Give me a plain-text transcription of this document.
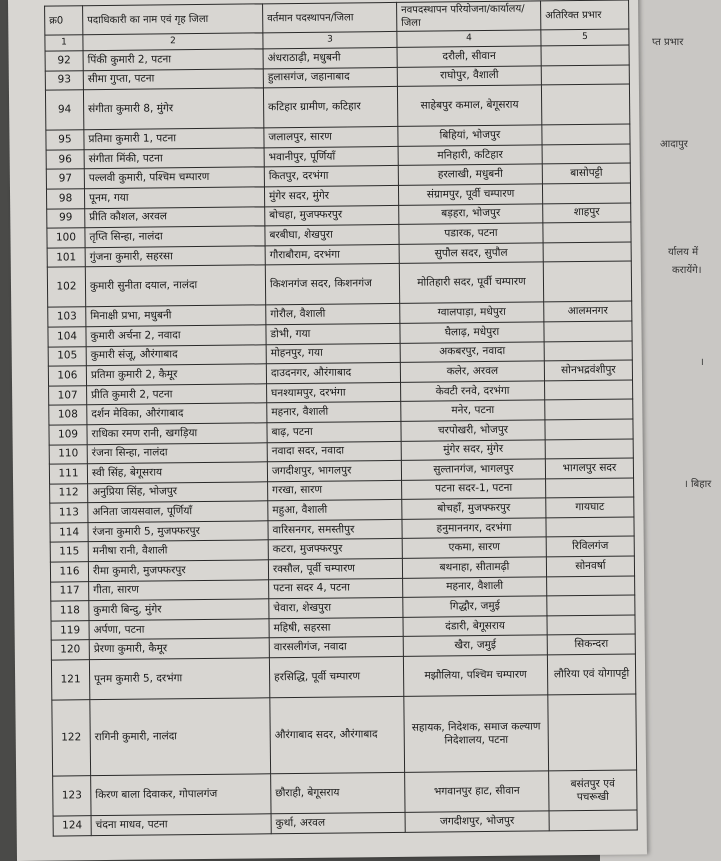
प्त प्रभार
आदापुर
र्यालय में
करायेंगे।
।
। बिहार
क्र0	पदाधिकारी का नाम एवं गृह जिला	वर्तमान पदस्थापन/जिला	नवपदस्थापन परियोजना/कार्यालय/जिला	अतिरिक्त प्रभार
1	2	3	4	5
92	पिंकी कुमारी 2, पटना	अंधराठाढ़ी, मधुबनी	दरौली, सीवान	
93	सीमा गुप्ता, पटना	हुलासगंज, जहानाबाद	राघोपुर, वैशाली	
94	संगीता कुमारी 8, मुंगेर	कटिहार ग्रामीण, कटिहार	साहेबपुर कमाल, बेगूसराय	
95	प्रतिमा कुमारी 1, पटना	जलालपुर, सारण	बिहियां, भोजपुर	
96	संगीता मिंकी, पटना	भवानीपुर, पूर्णियाँ	मनिहारी, कटिहार	
97	पल्लवी कुमारी, पश्चिम चम्पारण	कितपुर, दरभंगा	हरलाखी, मधुबनी	बासोपट्टी
98	पूनम, गया	मुंगेर सदर, मुंगेर	संग्रामपुर, पूर्वी चम्पारण	
99	प्रीति कौशल, अरवल	बोचहा, मुजफ्फरपुर	बड़हरा, भोजपुर	शाहपुर
100	तृप्ति सिन्हा, नालंदा	बरबीघा, शेखपुरा	पडारक, पटना	
101	गुंजना कुमारी, सहरसा	गौराबौराम, दरभंगा	सुपौल सदर, सुपौल	
102	कुमारी सुनीता दयाल, नालंदा	किशनगंज सदर, किशनगंज	मोतिहारी सदर, पूर्वी चम्पारण	
103	मिनाक्षी प्रभा, मधुबनी	गोरौल, वैशाली	ग्वालपाड़ा, मधेपुरा	आलमनगर
104	कुमारी अर्चना 2, नवादा	डोभी, गया	घैलाढ़, मधेपुरा	
105	कुमारी संजू, औरंगाबाद	मोहनपुर, गया	अकबरपुर, नवादा	
106	प्रतिमा कुमारी 2, कैमूर	दाउदनगर, औरंगाबाद	कलेर, अरवल	सोनभद्रवंशीपुर
107	प्रीति कुमारी 2, पटना	घनश्यामपुर, दरभंगा	केवटी रनवे, दरभंगा	
108	दर्शन मेविका, औरंगाबाद	महनार, वैशाली	मनेर, पटना	
109	राधिका रमण रानी, खगड़िया	बाढ़, पटना	चरपोखरी, भोजपुर	
110	रंजना सिन्हा, नालंदा	नवादा सदर, नवादा	मुंगेर सदर, मुंगेर	
111	स्वी सिंह, बेगूसराय	जगदीशपुर, भागलपुर	सुल्तानगंज, भागलपुर	भागलपुर सदर
112	अनुप्रिया सिंह, भोजपुर	गरखा, सारण	पटना सदर-1, पटना	
113	अनिता जायसवाल, पूर्णियाँ	महुआ, वैशाली	बोचहाँ, मुजफ्फरपुर	गायघाट
114	रंजना कुमारी 5, मुजफ्फरपुर	वारिसनगर, समस्तीपुर	हनुमाननगर, दरभंगा	
115	मनीषा रानी, वैशाली	कटरा, मुजफ्फरपुर	एकमा, सारण	रिविलगंज
116	रीमा कुमारी, मुजफ्फरपुर	रक्सौल, पूर्वी चम्पारण	बथनाहा, सीतामढ़ी	सोनवर्षा
117	गीता, सारण	पटना सदर 4, पटना	महनार, वैशाली	
118	कुमारी बिन्दु, मुंगेर	चेवारा, शेखपुरा	गिद्धौर, जमुई	
119	अर्पणा, पटना	महिषी, सहरसा	दंडारी, बेगूसराय	
120	प्रेरणा कुमारी, कैमूर	वारसलीगंज, नवादा	खैरा, जमुई	सिकन्दरा
121	पूनम कुमारी 5, दरभंगा	हरसिद्धि, पूर्वी चम्पारण	मझौलिया, पश्चिम चम्पारण	लौरिया एवं योगापट्टी
122	रागिनी कुमारी, नालंदा	औरंगाबाद सदर, औरंगाबाद	सहायक, निदेशक, समाज कल्याण निदेशालय, पटना	
123	किरण बाला दिवाकर, गोपालगंज	छौराही, बेगूसराय	भगवानपुर हाट, सीवान	बसंतपुर एवं पचरूखी
124	चंदना माधव, पटना	कुर्था, अरवल	जगदीशपुर, भोजपुर	
